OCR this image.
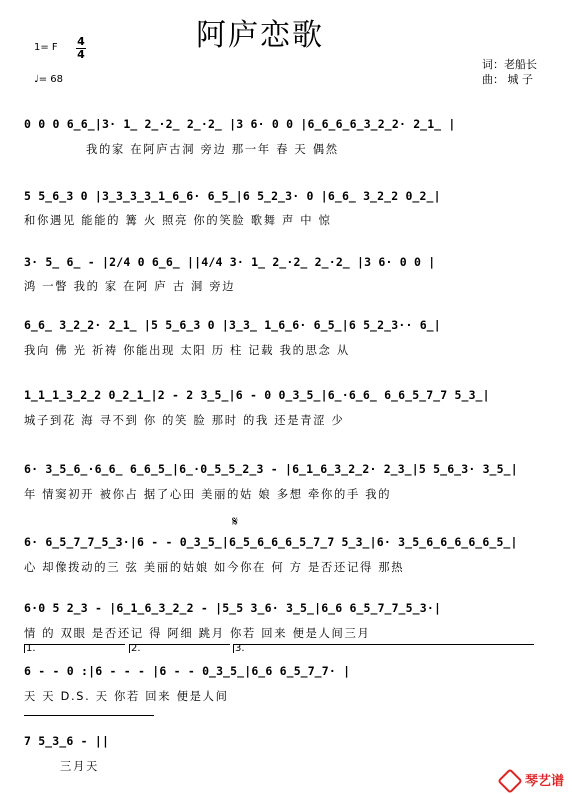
阿庐恋歌
1= F 4
4
♩= 68
词：老船长
曲： 城 子
0 0 0 6̲6̲|3· 1̲ 2̲·2̲ 2̲·2̲ |3 6· 0 0 |6̲6̲6̲6̲3̲2̲2· 2̲1̲ |
我的家 在阿庐古洞 旁边 那一年 春 天 偶然
5 5̲6̲3 0 |3̲3̲3̲3̲1̲6̲6· 6̲5̲|6 5̲2̲3· 0 |6̲6̲ 3̲2̲2 0̲2̲|
和你遇见 能能的 篝 火 照亮 你的笑脸 歌舞 声 中 惊
3· 5̲ 6̲ - |2/4 0 6̲6̲ ||4/4 3· 1̲ 2̲·2̲ 2̲·2̲ |3 6· 0 0 |
鸿 一瞥 我的 家 在阿 庐 古 洞 旁边
6̲6̲ 3̲2̲2· 2̲1̲ |5 5̲6̲3 0 |3̲3̲ 1̲6̲6· 6̲5̲|6 5̲2̲3·· 6̲|
我向 佛 光 祈祷 你能出现 太阳 历 柱 记载 我的思念 从
1̲1̲1̲3̲2̲2 0̲2̲1̲|2 - 2 3̲5̲|6 - 0 0̲3̲5̲|6̲·6̲6̲ 6̲6̲5̲7̲7 5̲3̲|
城子到花 海 寻不到 你 的笑 脸 那时 的我 还是青涩 少
6· 3̲5̲6̲·6̲6̲ 6̲6̲5̲|6̲·0̲5̲5̲2̲3 - |6̲1̲6̲3̲2̲2· 2̲3̲|5 5̲6̲3· 3̲5̲|
年 情窦初开 被你占 据了心田 美丽的姑 娘 多想 牵你的手 我的
𝄋
6· 6̲5̲7̲7̲5̲3·|6 - - 0̲3̲5̲|6̲5̲6̲6̲6̲5̲7̲7 5̲3̲|6· 3̲5̲6̲6̲6̲6̲6̲5̲|
心 却像拨动的三 弦 美丽的姑娘 如今你在 何 方 是否还记得 那热
6·0 5 2̲3 - |6̲1̲6̲3̲2̲2 - |5̲5 3̲6· 3̲5̲|6̲6 6̲5̲7̲7̲5̲3·|
情 的 双眼 是否还记 得 阿细 跳月 你若 回来 便是人间三月
1.	2.	3.
6 - - 0 :|6 - - - |6 - - 0̲3̲5̲|6̲6 6̲5̲7̲7· |
天 天 D.S. 天 你若 回来 便是人间
7 5̲3̲6 - ||
三月天
琴艺谱
